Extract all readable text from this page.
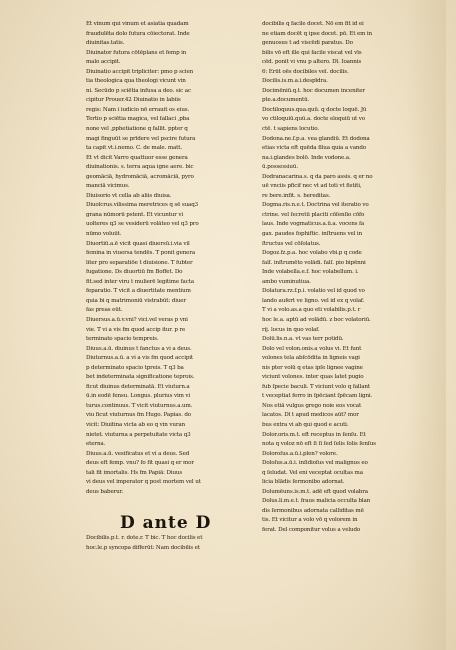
Et vinum qui vinum et asiatia quadam
fraudulēta dolo futura cōiectorat. Inde
diuinitas.tatis.
Diuinator futura cōtēplans et femp in
malo accipit.
Diuinatio accipit tripliciter: pmo p scien
tia theologica qua theologi vicunt vin
ni. Secūdo p sciētia infusa a deo. sic ac
cipitur Prouer.42 Diuinatio in labiis
regis: Nam i iudicio nō errauit os eius.
Tertio p sciētia magica, vel fallaci ,pba
none vel ,pphetiatione q fallit. ppter q
magi finguūt se prīdere vel pscire futura
ta capit vt.i.nemo. C. de male. matt.
Et vt dicit Varro quattuor esse genera
diuinationis. s. terra aqua igne aere. bic
geomāciā, hydromāciā, acromāciā, pyro
manciā vicimus.
Diuisorio vt cella ab aliis diuisa.
Diuolcrus.vilissima meretrices q sē suaq3
grana nūmorū pstent. Et vicuntur vi
uolteres q3 se vesiderū volāteo vel q3 pro
nūmo voluūt.
Diuortiū.a.ē vicit quasi diuersū.i.via vil
femina in viuersa tendēs. T ponit genera
liter pro separatiōe t diuisione. T fubter
fugatione. Ds diuortiū fm Boffet. Do
fit.sed inter viru t mulierē legitime facta
feparatio. T vicit a diuertitate mentium
quia bi q matrimoniū vistrabūt: diuer
fas preas eūt.
Diuersus.a.ū.v.vni? vici.vel veras p vni
vie. T vi a vis fm quod accip itur. p re
terminato spacio tempreis.
Diuus.a.ū. diuinus t fanctus a vi a deus.
Diuturnus.a.ū. a vi a vis fm quod accipit
p determinato spacio tpreis. T q3 ba
bet indeterminata significatione teprois.
ficut diuinus determinatā. Et viuturn.a
ū.in eodē fensu. Longus. plurius vim vi
turus.continuus. T vicit viuturnus.a.um.
viu ficut viuturnus fm Hugo. Papias. do
vicit: Diuitina victa ab eo q vin vuran
nietet. viuturna a perpetuitate victa q3
eterna.
Diuus.a.ū. vesificatus et vi a deus. Sed
deus eft femp. vnu? fo fit quasi q er mor
tali fit imortalis. Hs fm Papiā: Diuus
vi deus vel imperator q post mortem vel ut
deus baberur.
D ante D
Docibilis.p.t. r. dote.r. T bic. T hoc docilis et
hoc.le.p syncopa differūt: Nam docibilis et
docibilis q facile docet. Nō em fit id ei
ne etiam docēt q ipse docet. pō. Et em in
genuosus t ad viscēdi paratus. Do
bilis vō eft ille qui facile viscat vel vīs
cēd. ponit vi vnu p altero. Dī. Ioannis
6: Erūt oēs docibiles veī. docilis.
Docilis.is.m.a.i.despīdra.
Docimēniū.q.t. hoc documen inceniter
pte.a.documentū.
Doctiloquus.qua.quū. q docte loquē. Jū
vo ctiloquiū.quū.a. docte eloquiū ut vo
ctē. t sapiens locutio.
Dodona.ne.f.p.a. vea glandiū. Et dodona
etias victa eft quēda filua quia a vando
na.i.glandes bolō. Inde vodone.a.
ū.possessiuū.
Dodranacarina.s. q da paro assis. q er no
uē vnciis pficif nec vt ad toti vt fistiti,
re bere.infit. s. hereditas.
Dogma.ris.n.e.t. Doctrina vel iteratio vo
ctrine. vel ſecretū placiti cōſenſio cōfo
laus. Inde vogmaticus.a.ū.a. vocens fa
gax. paudes fophiftic. inſtruens vel in
ſtructus vel cōſolatus.
Dogoz.fz.p.a. hoc volabo vbi.p q code
falſ. inſtrumēto volādi. falſ. pio bipēnni
Inde volabella.e.f. hoc volabellum. i.
ambo vuminutiua.
Dolatura.rz.f.p.i. volatio vel id quod vo
lando aufert ve ligno. vel id ex q volaf.
T vi a volo.as.a quo eti volabilis.p.t. r
hoc le.a. aptū ad volādū. z boc volatoriū.
rij. locus in quo volaf.
Dolū.lis.n.a. vt vas terr potidū.
Dolo vel volon.onis.a volus vi. Et funt
volones tela abſcōdita in ligneis vagi
nis pter volū q etas ipſe lignee vagine
viciunt volones. inter quas latet pugio
fub ſpecie baculi. T viciunt volo q fallant
t veceptiat ferro in ſpēciant ſpēcam ligni.
Nos etiā vulgus grego noie eos vocat
lacatos. Dī t apud medicos aūt? mor
bus extra vi ab qui quod e acuti.
Dolor.oris.m.t. eft receptus in ſenſu. Et
nota q voloz nō eft ſi ſi ſed ſelis ſolis ſenſus
Doloroſus.a.ū.i.plen? volore.
Doloſus.a.ū.i. inſidioſus vel malignus eo
q ſeludat. Vel eni veceptat ocultas ma
licia blādis ſermonibo adornat.
Dolumēuns.is.m.t. adē eft quod volabra
Dolus.li.m.e.t. fraus malicia occulta blan
dis ſermonibus adornata calliditas mē
tis. Et vicitur a volo vō q volorem in
ferat. Del componitur volus a veludo
